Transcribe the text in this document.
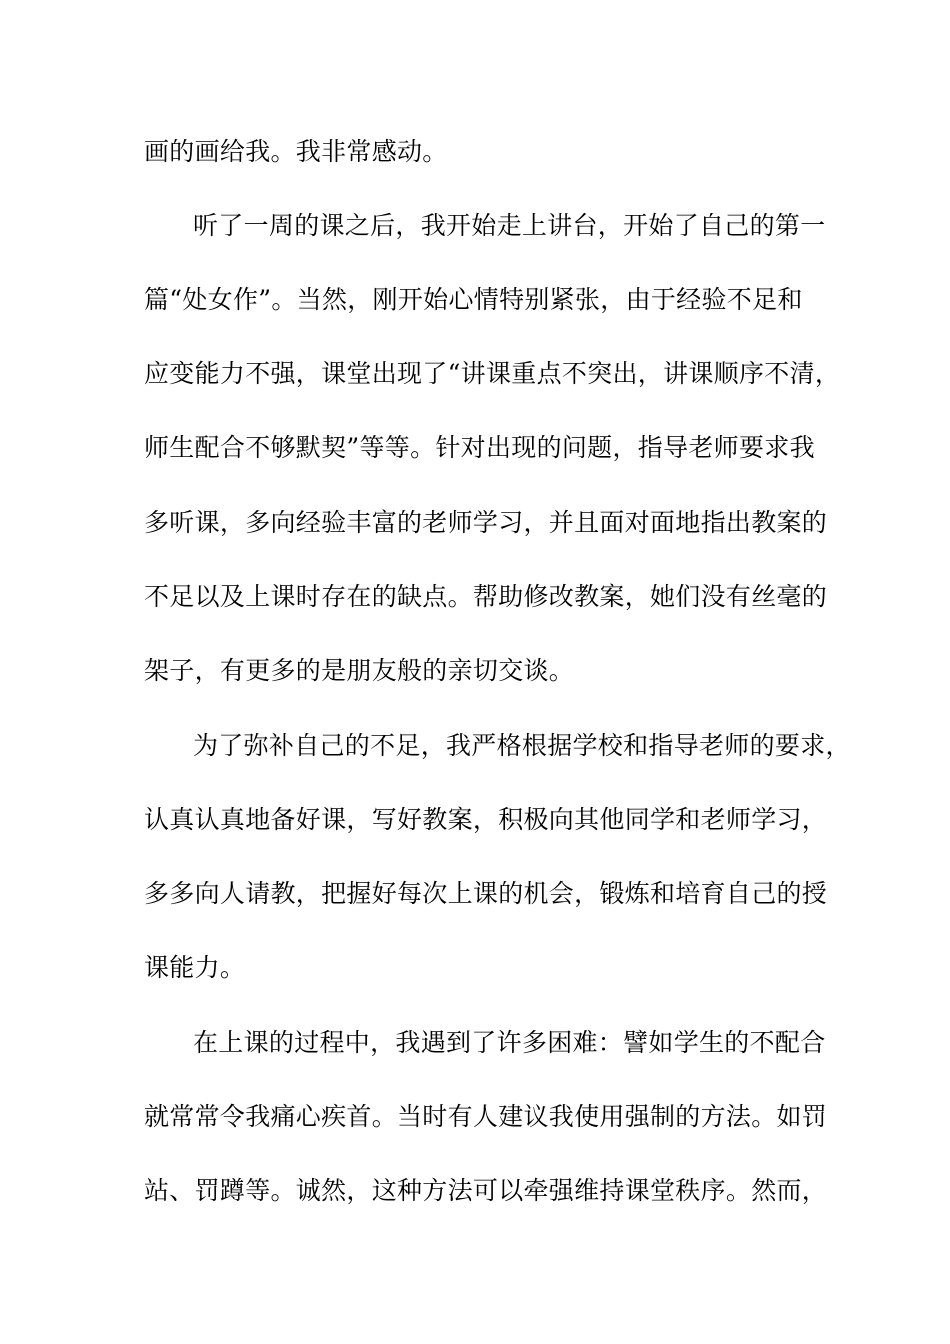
画的画给我。我非常感动。
听了一周的课之后，我开始走上讲台，开始了自己的第一
篇“处女作”。当然，刚开始心情特别紧张，由于经验不足和
应变能力不强，课堂出现了“讲课重点不突出，讲课顺序不清，
师生配合不够默契”等等。针对出现的问题，指导老师要求我
多听课，多向经验丰富的老师学习，并且面对面地指出教案的
不足以及上课时存在的缺点。帮助修改教案，她们没有丝毫的
架子，有更多的是朋友般的亲切交谈。
为了弥补自己的不足，我严格根据学校和指导老师的要求，
认真认真地备好课，写好教案，积极向其他同学和老师学习，
多多向人请教，把握好每次上课的机会，锻炼和培育自己的授
课能力。
在上课的过程中，我遇到了许多困难：譬如学生的不配合
就常常令我痛心疾首。当时有人建议我使用强制的方法。如罚
站、罚蹲等。诚然，这种方法可以牵强维持课堂秩序。然而，
